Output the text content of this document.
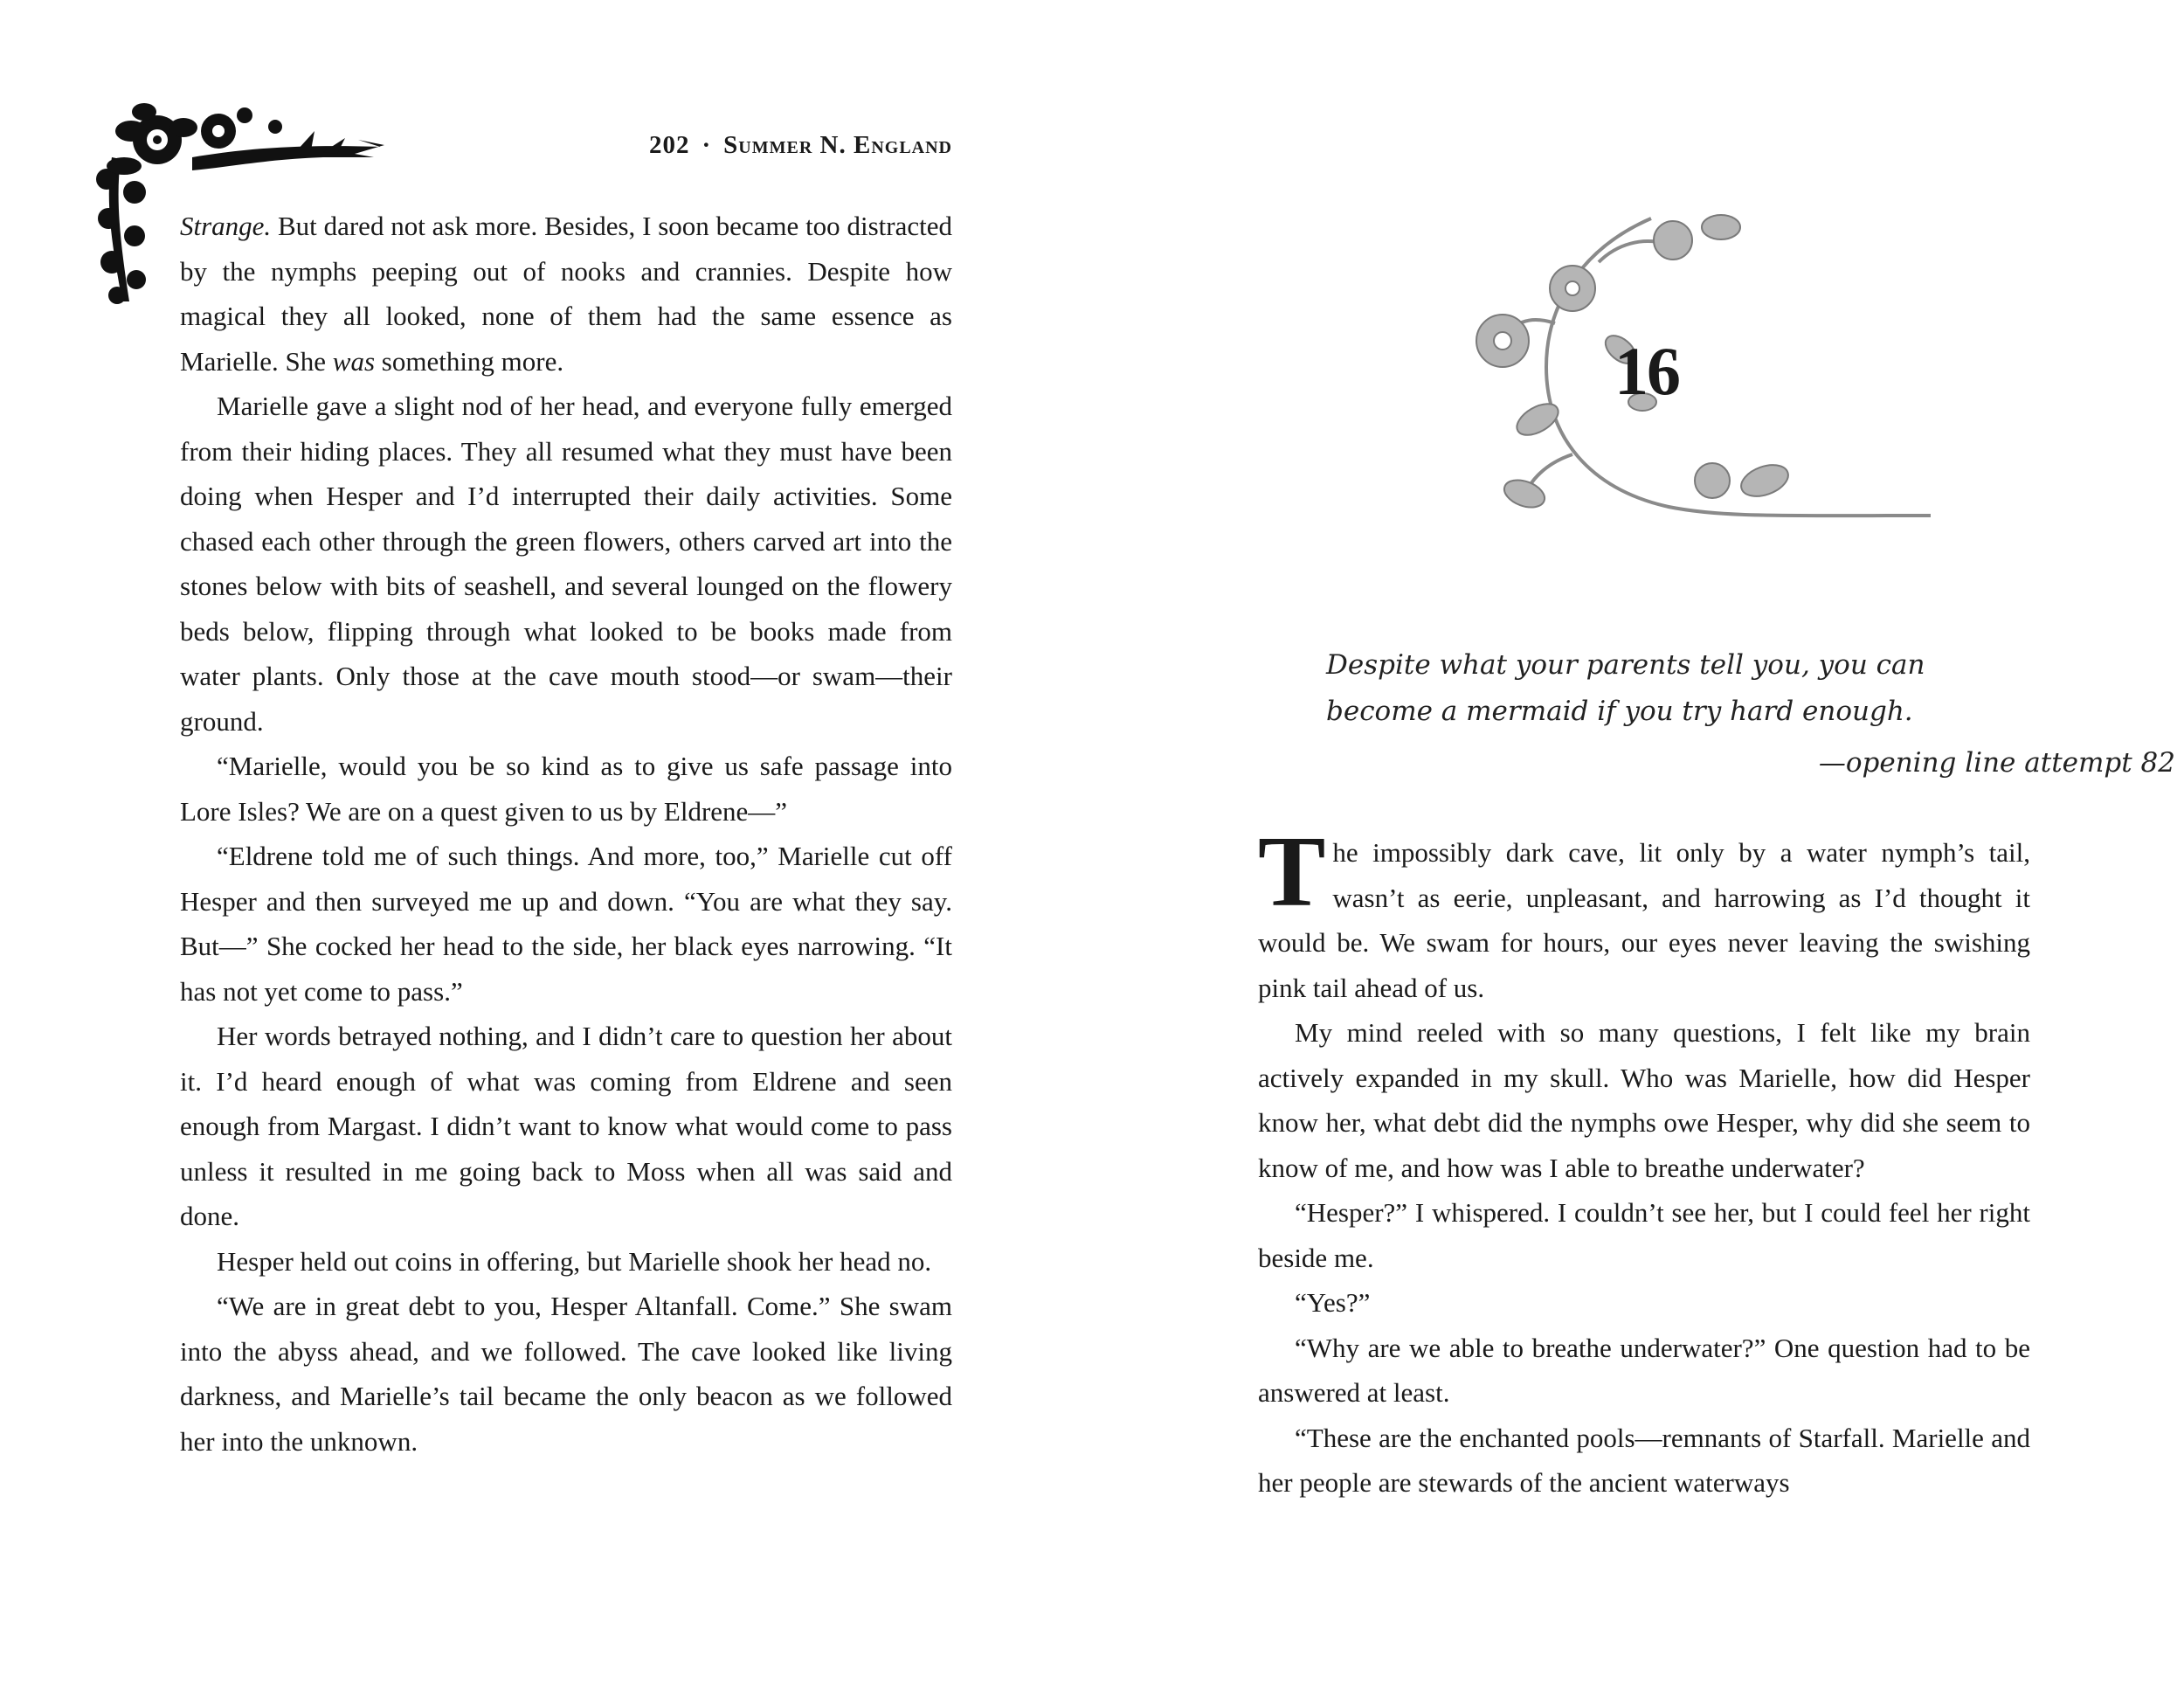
202 · Summer N. England

Strange. But dared not ask more. Besides, I soon became too distracted by the nymphs peeping out of nooks and crannies. Despite how magical they all looked, none of them had the same essence as Marielle. She was something more.

Marielle gave a slight nod of her head, and everyone fully emerged from their hiding places. They all resumed what they must have been doing when Hesper and I’d interrupted their daily activities. Some chased each other through the green flowers, others carved art into the stones below with bits of seashell, and several lounged on the flowery beds below, flipping through what looked to be books made from water plants. Only those at the cave mouth stood—or swam—their ground.

“Marielle, would you be so kind as to give us safe passage into Lore Isles? We are on a quest given to us by Eldrene—”

“Eldrene told me of such things. And more, too,” Marielle cut off Hesper and then surveyed me up and down. “You are what they say. But—” She cocked her head to the side, her black eyes narrowing. “It has not yet come to pass.”

Her words betrayed nothing, and I didn’t care to question her about it. I’d heard enough of what was coming from Eldrene and seen enough from Margast. I didn’t want to know what would come to pass unless it resulted in me going back to Moss when all was said and done.

Hesper held out coins in offering, but Marielle shook her head no.

“We are in great debt to you, Hesper Altanfall. Come.” She swam into the abyss ahead, and we followed. The cave looked like living darkness, and Marielle’s tail became the only beacon as we followed her into the unknown.

16
Despite what your parents tell you, you can become a mermaid if you try hard enough.
—opening line attempt 82

The impossibly dark cave, lit only by a water nymph’s tail, wasn’t as eerie, unpleasant, and harrowing as I’d thought it would be. We swam for hours, our eyes never leaving the swishing pink tail ahead of us.

My mind reeled with so many questions, I felt like my brain actively expanded in my skull. Who was Marielle, how did Hesper know her, what debt did the nymphs owe Hesper, why did she seem to know of me, and how was I able to breathe underwater?

“Hesper?” I whispered. I couldn’t see her, but I could feel her right beside me.

“Yes?”

“Why are we able to breathe underwater?” One question had to be answered at least.

“These are the enchanted pools—remnants of Starfall. Marielle and her people are stewards of the ancient waterways
